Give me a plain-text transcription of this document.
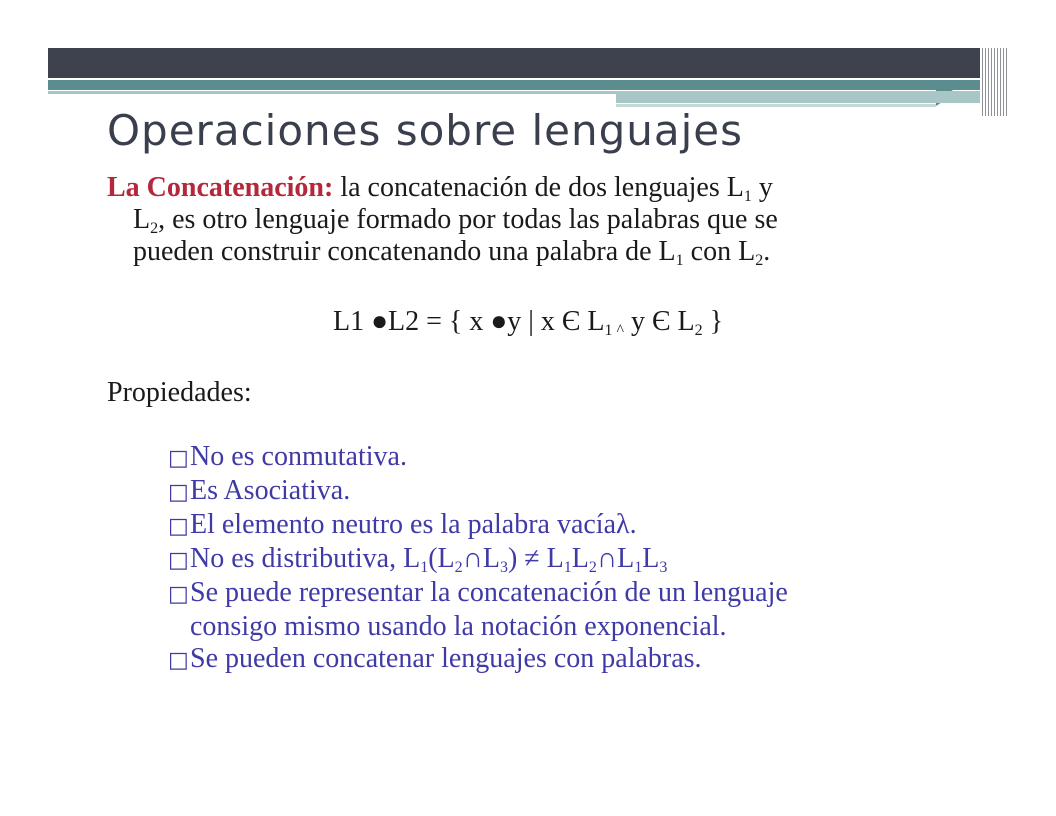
Operaciones sobre lenguajes
La Concatenación: la concatenación de dos lenguajes $L_1$ y
$L_2$, es otro lenguaje formado por todas las palabras que se
pueden construir concatenando una palabra de $L_1$ con $L_2$.
L1 ●L2 = { x ●y | x Є $L_{1 \^{}}$ y Є $L_2$ }
Propiedades:
□No es conmutativa.
□Es Asociativa.
□El elemento neutro es la palabra vacíaλ.
□No es distributiva, $L_1(L_2\cap L_3)$ ≠ $L_1L_2\cap L_1L_3$
□Se puede representar la concatenación de un lenguaje
consigo mismo usando la notación exponencial.
□Se pueden concatenar lenguajes con palabras.
